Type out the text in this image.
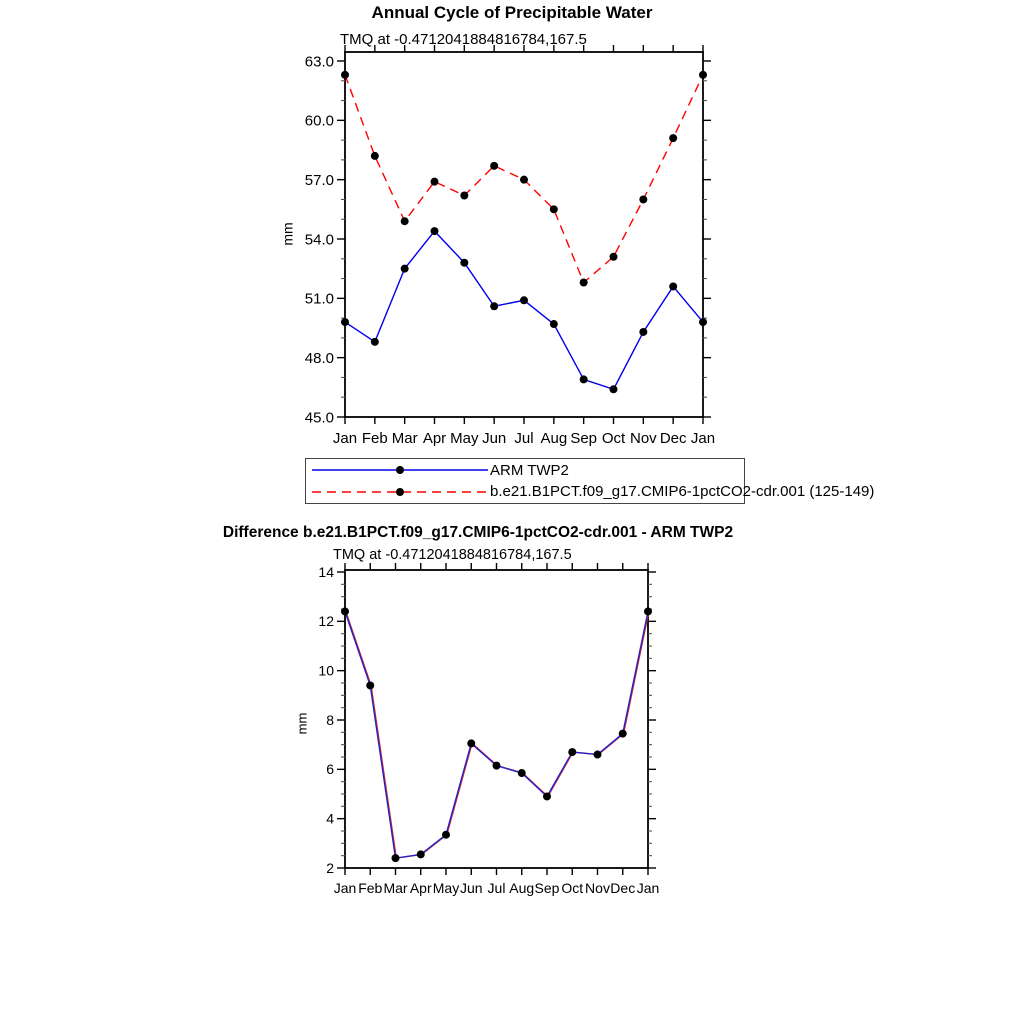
Annual Cycle of Precipitable Water
TMQ at -0.4712041884816784,167.5
mm
Jan Feb Mar Apr May Jun Jul Aug Sep Oct Nov Dec Jan
45.0
48.0
51.0
54.0
57.0
60.0
63.0
Jan Feb Mar Apr May Jun Jul Aug Sep Oct Nov Dec Jan
2
4
6
8
10
12
14
ARM TWP2
b.e21.B1PCT.f09_g17.CMIP6-1pctCO2-cdr.001 (125-149)
Difference b.e21.B1PCT.f09_g17.CMIP6-1pctCO2-cdr.001 - ARM TWP2
TMQ at -0.4712041884816784,167.5
mm
